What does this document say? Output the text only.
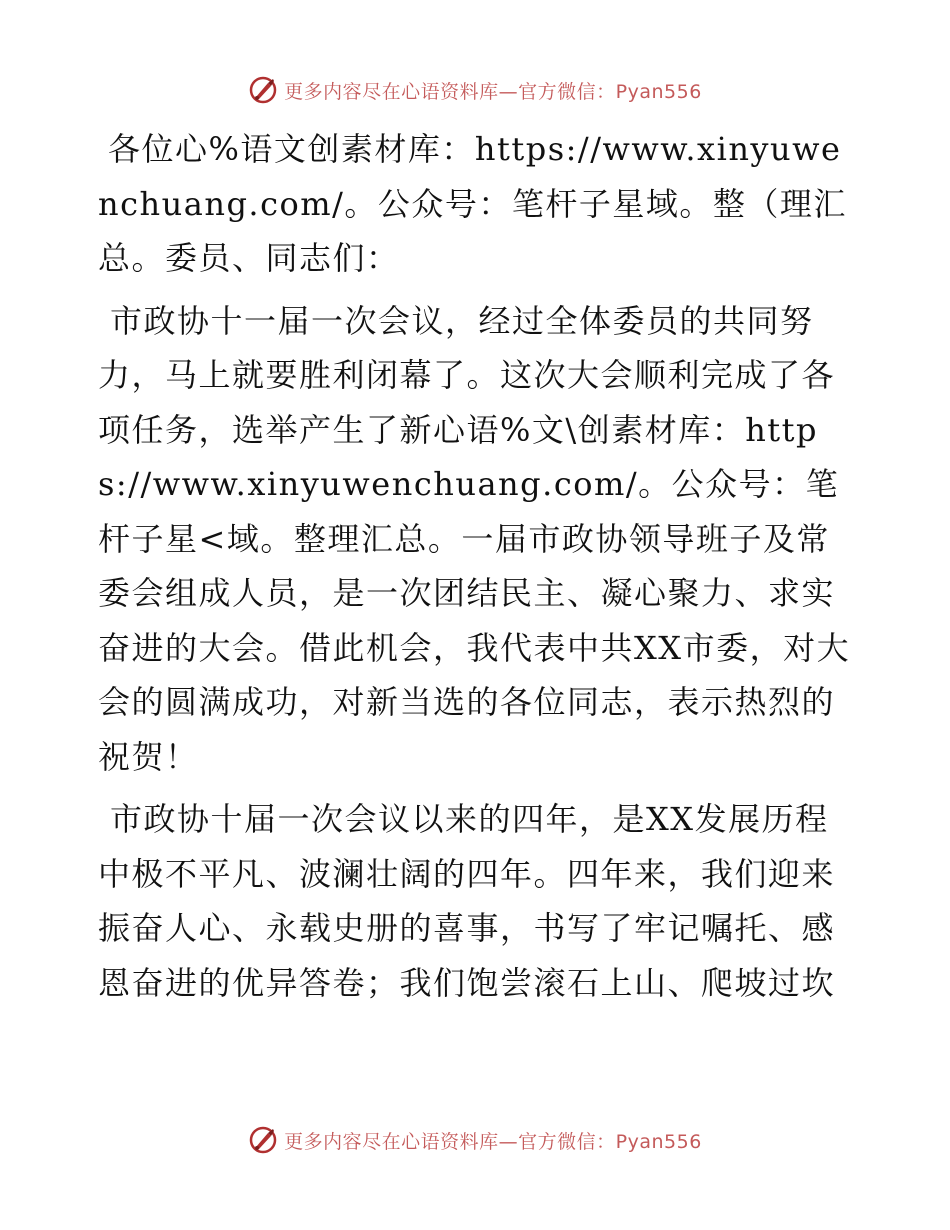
更多内容尽在心语资料库—官方微信：Pyan556

各位心%语文创素材库：https://www.xinyuwenchuang.com/。公众号：笔杆子星域。整（理汇总。委员、同志们：

市政协十一届一次会议，经过全体委员的共同努力，马上就要胜利闭幕了。这次大会顺利完成了各项任务，选举产生了新心语%文\创素材库：https://www.xinyuwenchuang.com/。公众号：笔杆子星<域。整理汇总。一届市政协领导班子及常委会组成人员，是一次团结民主、凝心聚力、求实奋进的大会。借此机会，我代表中共XX市委，对大会的圆满成功，对新当选的各位同志，表示热烈的祝贺！

市政协十届一次会议以来的四年，是XX发展历程中极不平凡、波澜壮阔的四年。四年来，我们迎来振奋人心、永载史册的喜事，书写了牢记嘱托、感恩奋进的优异答卷；我们饱尝滚石上山、爬坡过坎

更多内容尽在心语资料库—官方微信：Pyan556
